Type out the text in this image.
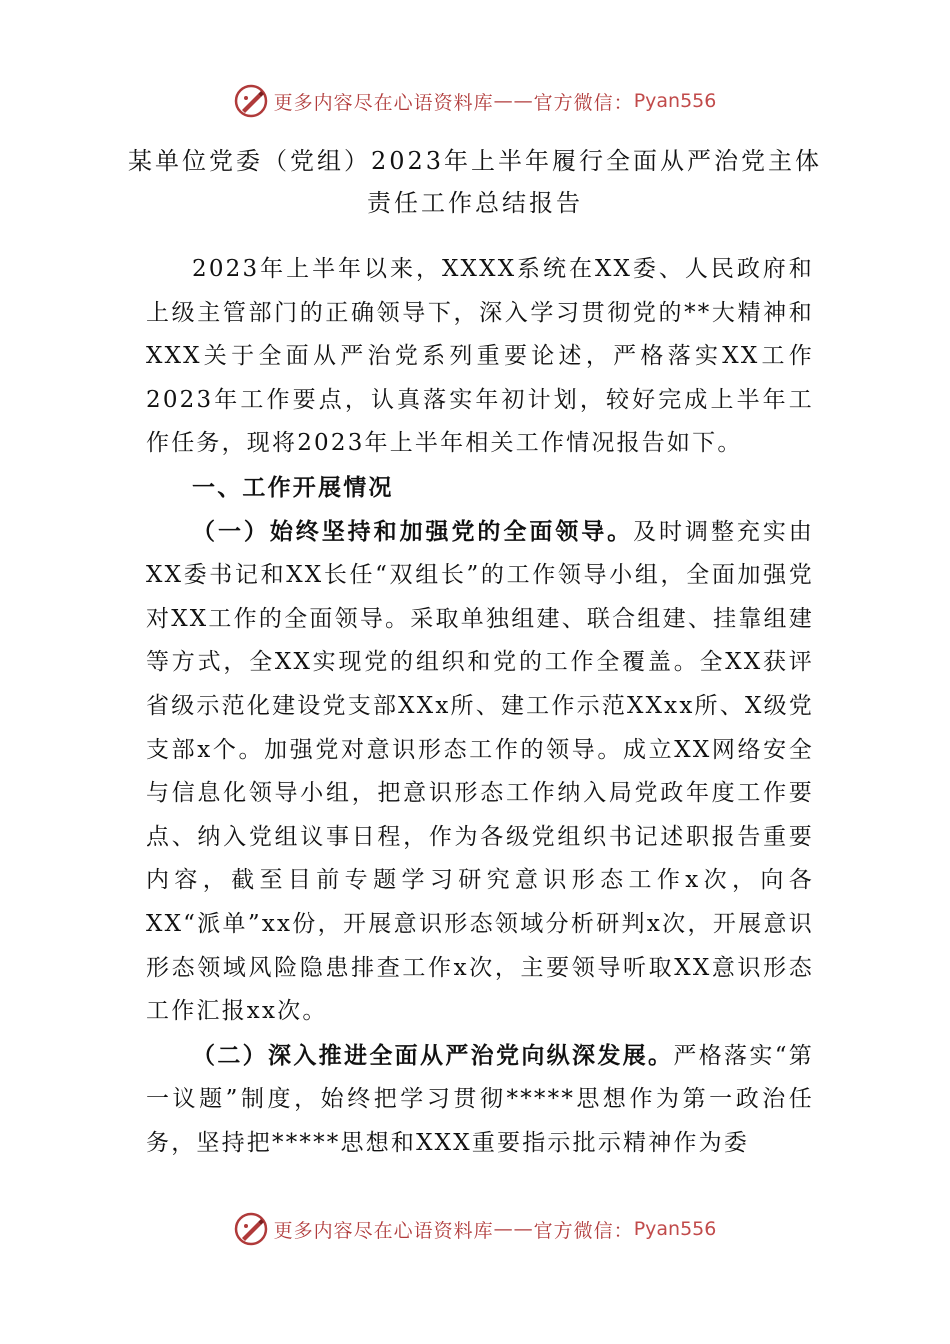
更多内容尽在心语资料库 —— 官方微信： Pyan556
某单位党委（党组）2023年上半年履行全面从严治党主体
责任工作总结报告

2023年上半年以来，XXXX系统在XX委、人民政府和上级主管部门的正确领导下，深入学习贯彻党的**大精神和XXX关于全面从严治党系列重要论述，严格落实XX工作2023年工作要点，认真落实年初计划，较好完成上半年工作任务，现将2023年上半年相关工作情况报告如下。

一、工作开展情况

（一）始终坚持和加强党的全面领导。及时调整充实由XX委书记和XX长任“双组长”的工作领导小组，全面加强党对XX工作的全面领导。采取单独组建、联合组建、挂靠组建等方式，全XX实现党的组织和党的工作全覆盖。全XX获评省级示范化建设党支部XXx所、建工作示范XXxx所、X级党支部x个。加强党对意识形态工作的领导。成立XX网络安全与信息化领导小组，把意识形态工作纳入局党政年度工作要点、纳入党组议事日程，作为各级党组织书记述职报告重要内容，截至目前专题学习研究意识形态工作x次，向各XX“派单”xx份，开展意识形态领域分析研判x次，开展意识形态领域风险隐患排查工作x次，主要领导听取XX意识形态工作汇报xx次。

（二）深入推进全面从严治党向纵深发展。严格落实“第一议题”制度，始终把学习贯彻*****思想作为第一政治任务，坚持把*****思想和XXX重要指示批示精神作为委

更多内容尽在心语资料库 —— 官方微信： Pyan556
